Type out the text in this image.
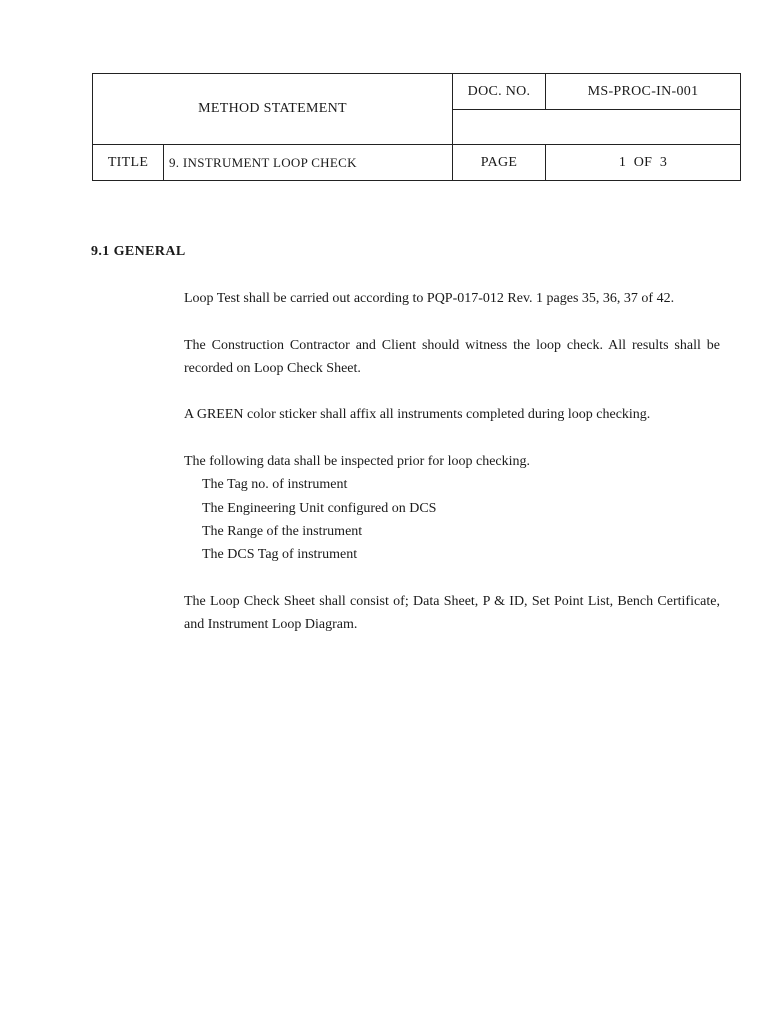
METHOD STATEMENT		DOC. NO.	MS-PROC-IN-001

TITLE	9. INSTRUMENT LOOP CHECK	PAGE	1  OF  3
9.1 GENERAL

Loop Test shall be carried out according to PQP-017-012 Rev. 1 pages 35, 36, 37 of 42.

The Construction Contractor and Client should witness the loop check. All results shall be recorded on Loop Check Sheet.

A GREEN color sticker shall affix all instruments completed during loop checking.

The following data shall be inspected prior for loop checking.

The Tag no. of instrument
The Engineering Unit configured on DCS
The Range of the instrument
The DCS Tag of instrument

The Loop Check Sheet shall consist of; Data Sheet, P & ID, Set Point List, Bench Certificate, and Instrument Loop Diagram.
